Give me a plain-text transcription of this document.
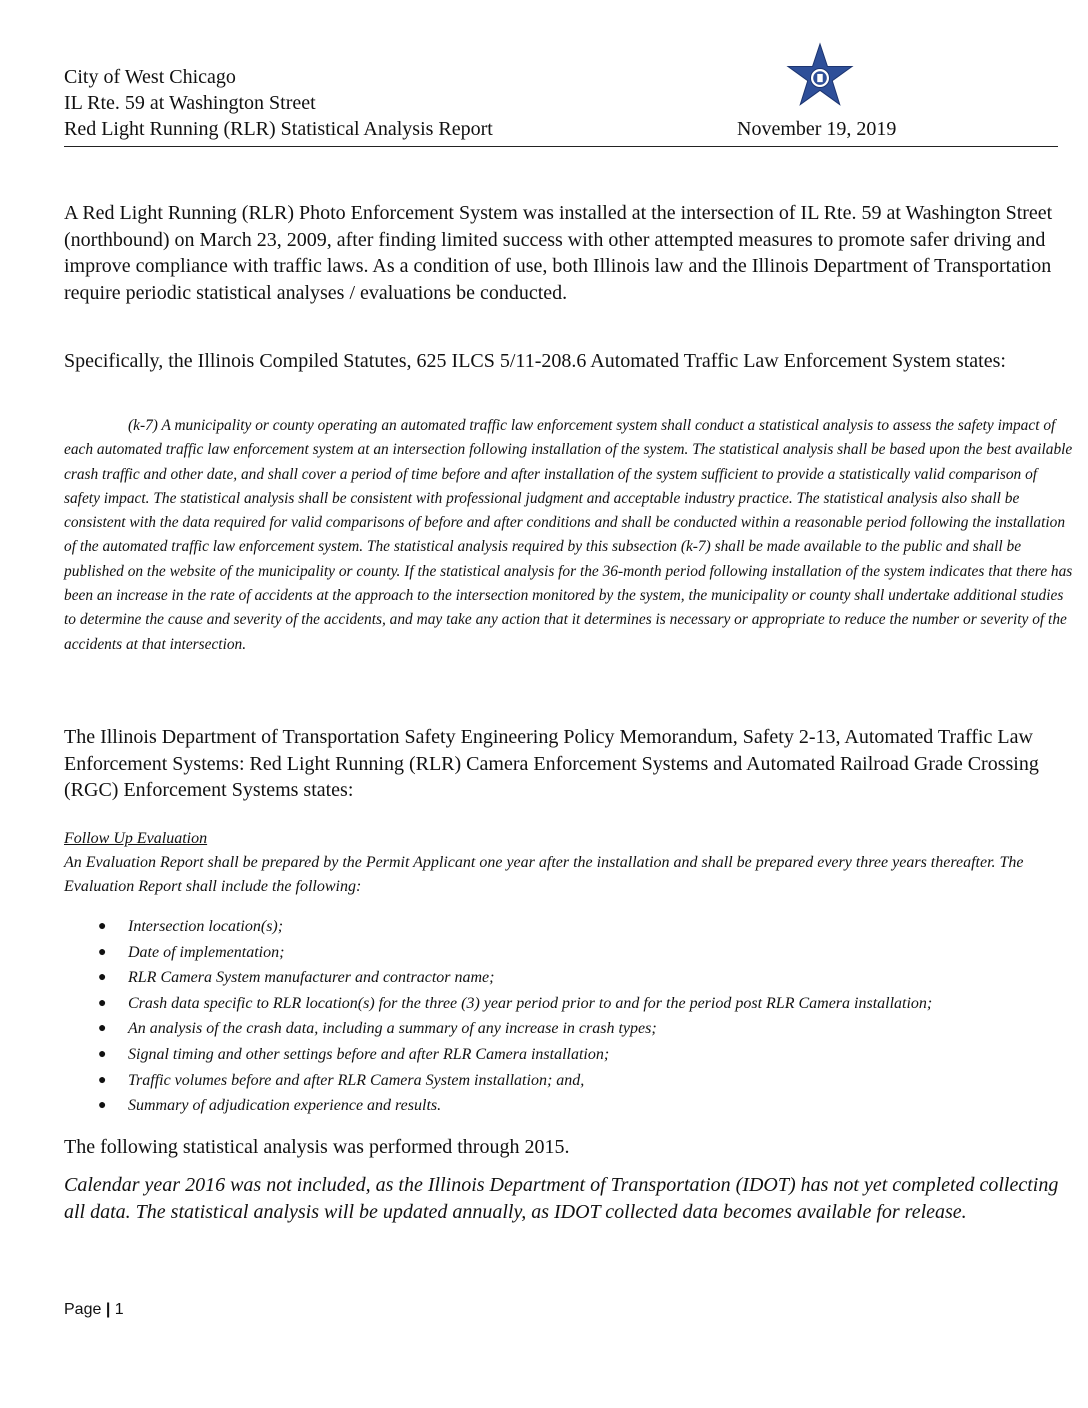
City of West Chicago
IL Rte. 59 at Washington Street
Red Light Running (RLR) Statistical Analysis Report	November 19, 2019

A Red Light Running (RLR) Photo Enforcement System was installed at the intersection of IL Rte. 59 at Washington Street (northbound) on March 23, 2009, after finding limited success with other attempted measures to promote safer driving and improve compliance with traffic laws. As a condition of use, both Illinois law and the Illinois Department of Transportation require periodic statistical analyses / evaluations be conducted.

Specifically, the Illinois Compiled Statutes, 625 ILCS 5/11-208.6 Automated Traffic Law Enforcement System states:

(k-7) A municipality or county operating an automated traffic law enforcement system shall conduct a statistical analysis to assess the safety impact of each automated traffic law enforcement system at an intersection following installation of the system. The statistical analysis shall be based upon the best available crash traffic and other date, and shall cover a period of time before and after installation of the system sufficient to provide a statistically valid comparison of safety impact. The statistical analysis shall be consistent with professional judgment and acceptable industry practice. The statistical analysis also shall be consistent with the data required for valid comparisons of before and after conditions and shall be conducted within a reasonable period following the installation of the automated traffic law enforcement system. The statistical analysis required by this subsection (k-7) shall be made available to the public and shall be published on the website of the municipality or county. If the statistical analysis for the 36-month period following installation of the system indicates that there has been an increase in the rate of accidents at the approach to the intersection monitored by the system, the municipality or county shall undertake additional studies to determine the cause and severity of the accidents, and may take any action that it determines is necessary or appropriate to reduce the number or severity of the accidents at that intersection.

The Illinois Department of Transportation Safety Engineering Policy Memorandum, Safety 2-13, Automated Traffic Law Enforcement Systems: Red Light Running (RLR) Camera Enforcement Systems and Automated Railroad Grade Crossing (RGC) Enforcement Systems states:

Follow Up Evaluation

An Evaluation Report shall be prepared by the Permit Applicant one year after the installation and shall be prepared every three years thereafter. The Evaluation Report shall include the following:

● Intersection location(s);
● Date of implementation;
● RLR Camera System manufacturer and contractor name;
● Crash data specific to RLR location(s) for the three (3) year period prior to and for the period post RLR Camera installation;
● An analysis of the crash data, including a summary of any increase in crash types;
● Signal timing and other settings before and after RLR Camera installation;
● Traffic volumes before and after RLR Camera System installation; and,
● Summary of adjudication experience and results.

The following statistical analysis was performed through 2015.

Calendar year 2016 was not included, as the Illinois Department of Transportation (IDOT) has not yet completed collecting all data. The statistical analysis will be updated annually, as IDOT collected data becomes available for release.

Page | 1
